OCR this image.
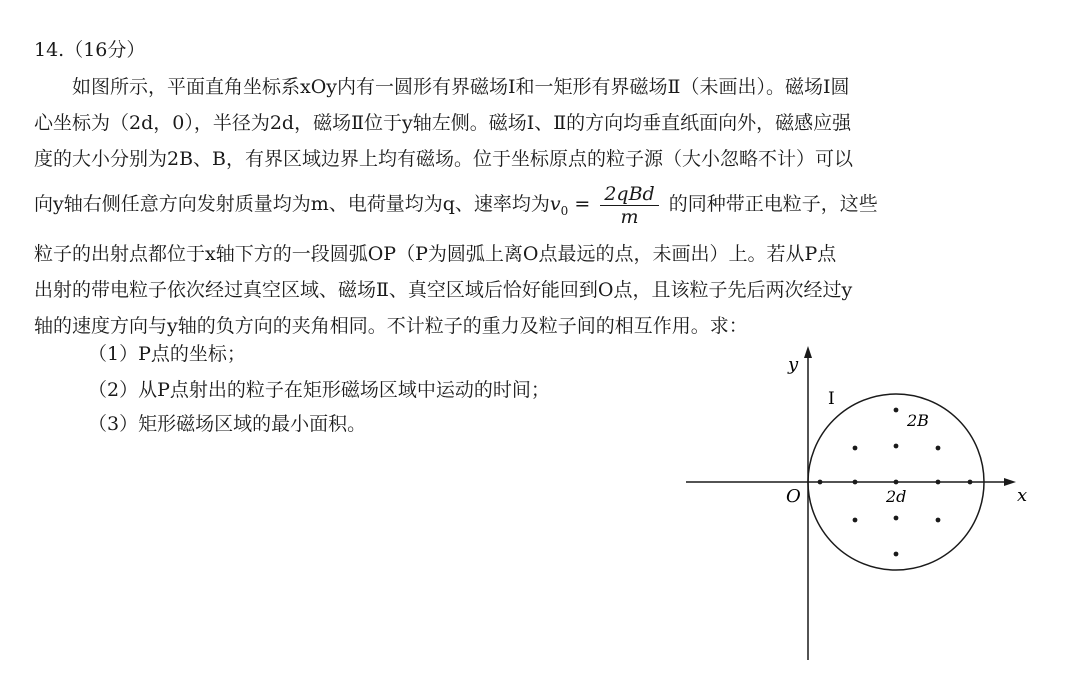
14.（16分）
如图所示，平面直角坐标系xOy内有一圆形有界磁场Ⅰ和一矩形有界磁场Ⅱ（未画出）。磁场Ⅰ圆
心坐标为（2d，0），半径为2d，磁场Ⅱ位于y轴左侧。磁场Ⅰ、Ⅱ的方向均垂直纸面向外，磁感应强
度的大小分别为2B、B，有界区域边界上均有磁场。位于坐标原点的粒子源（大小忽略不计）可以
向y轴右侧任意方向发射质量均为m、电荷量均为q、速率均为$v_0 = \frac{\text{2qBd}}{m}$ 的同种带正电粒子，这些
粒子的出射点都位于x轴下方的一段圆弧OP（P为圆弧上离O点最远的点，未画出）上。若从P点
出射的带电粒子依次经过真空区域、磁场Ⅱ、真空区域后恰好能回到O点，且该粒子先后两次经过y
轴的速度方向与y轴的负方向的夹角相同。不计粒子的重力及粒子间的相互作用。求：
（1）P点的坐标；
（2）从P点射出的粒子在矩形磁场区域中运动的时间；
（3）矩形磁场区域的最小面积。
y
x
O
I
2B
2d
